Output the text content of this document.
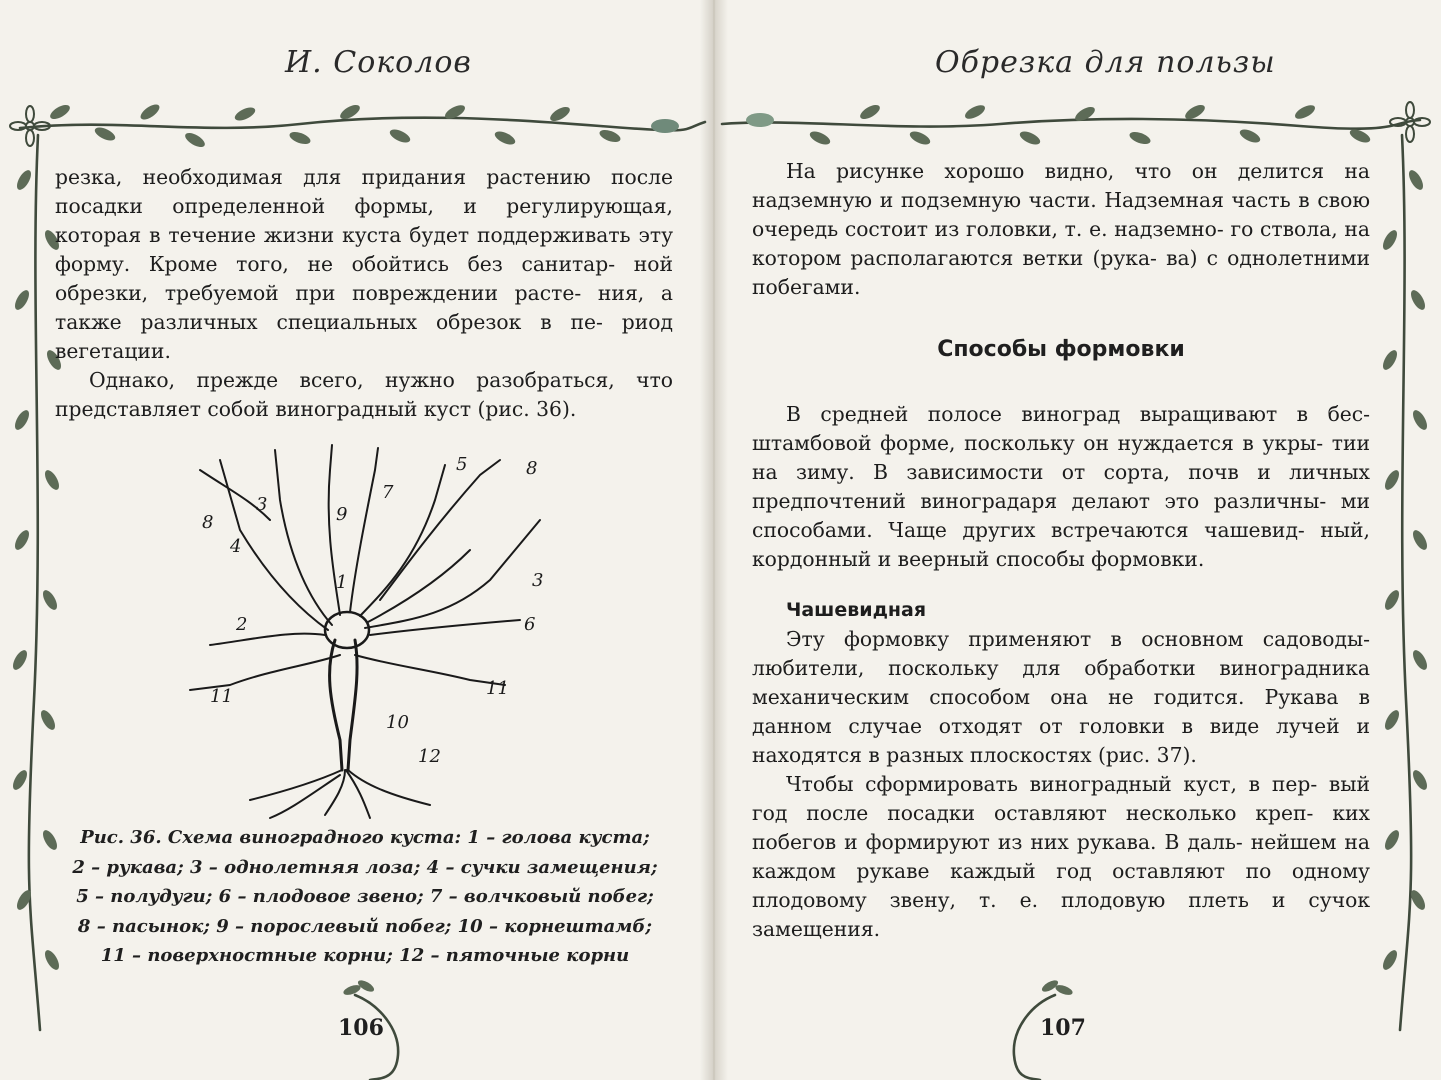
И. Соколов	Обрезка для пользы

резка, необходимая для придания растению после посадки определенной формы, и регулирующая, которая в течение жизни куста будет поддерживать эту форму. Кроме того, не обойтись без санитар- ной обрезки, требуемой при повреждении расте- ния, а также различных специальных обрезок в пе- риод вегетации.

Однако, прежде всего, нужно разобраться, что представляет собой виноградный куст (рис. 36).

1
2
3
3
4
5
6
7
8
8
9
10
11	11
12
Рис. 36. Схема виноградного куста: 1 – голова куста;
2 – рукава; 3 – однолетняя лоза; 4 – сучки замещения;
5 – полудуги; 6 – плодовое звено; 7 – волчковый побег;
8 – пасынок; 9 – порослевый побег; 10 – корнештамб;
11 – поверхностные корни; 12 – пяточные корни
106

На рисунке хорошо видно, что он делится на надземную и подземную части. Надземная часть в свою очередь состоит из головки, т. е. надземно- го ствола, на котором располагаются ветки (рука- ва) с однолетними побегами.

Способы формовки

В средней полосе виноград выращивают в бес- штамбовой форме, поскольку он нуждается в укры- тии на зиму. В зависимости от сорта, почв и личных предпочтений виноградаря делают это различны- ми способами. Чаще других встречаются чашевид- ный, кордонный и веерный способы формовки.

Чашевидная

Эту формовку применяют в основном садоводы- любители, поскольку для обработки виноградника механическим способом она не годится. Рукава в данном случае отходят от головки в виде лучей и находятся в разных плоскостях (рис. 37).

Чтобы сформировать виноградный куст, в пер- вый год после посадки оставляют несколько креп- ких побегов и формируют из них рукава. В даль- нейшем на каждом рукаве каждый год оставляют по одному плодовому звену, т. е. плодовую плеть и сучок замещения.

107
